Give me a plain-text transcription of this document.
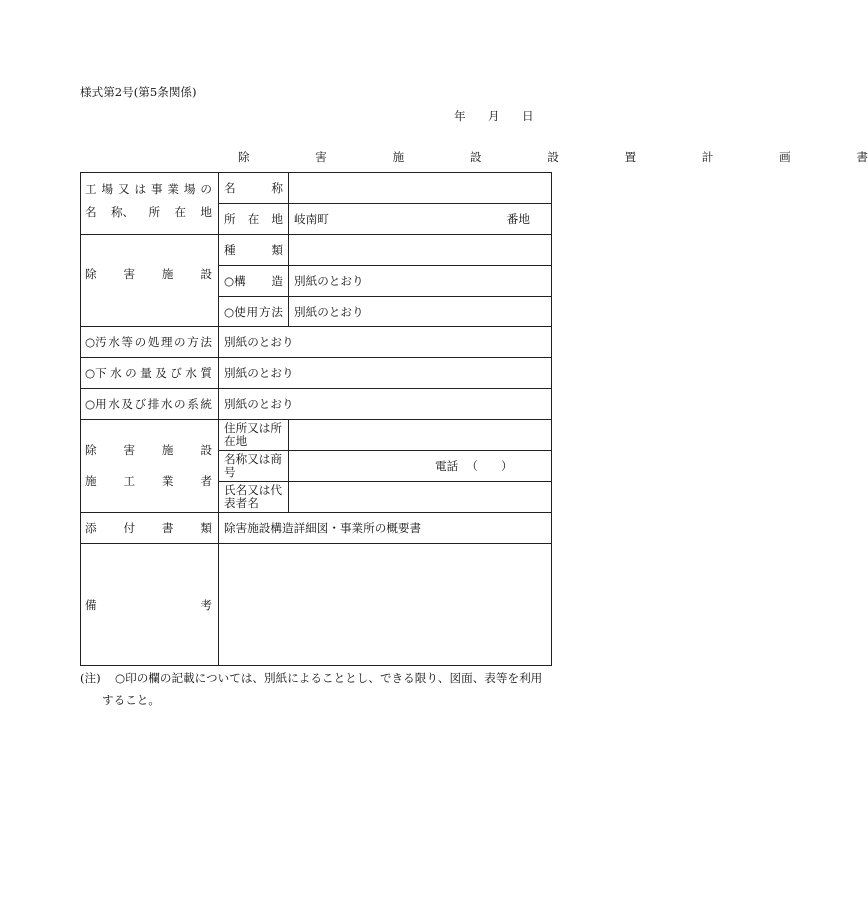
様式第2号(第5条関係)
年 月 日
除	害	施	設	設	置	計	画	書
工 場 又 は 事 業 場 の
名 称、 所 在 地
名	称
所 在 地 岐南町	番地
除 害 施 設
種	類
○構 造 別紙のとおり
○使 用 方 法 別紙のとおり
○汚 水 等 の 処 理 の 方 法 別紙のとおり
○下 水 の 量 及 び 水 質 別紙のとおり
○用 水 及 び 排 水 の 系 統 別紙のとおり
除 害 施 設
施 工 業 者
住所又は所在地
名称又は商号	電話 （　　）
氏名又は代表者名
添 付 書 類 除害施設構造詳細図・事業所の概要書
備	考
(注) ○印の欄の記載については、別紙によることとし、できる限り、図面、表等を利用
すること。
